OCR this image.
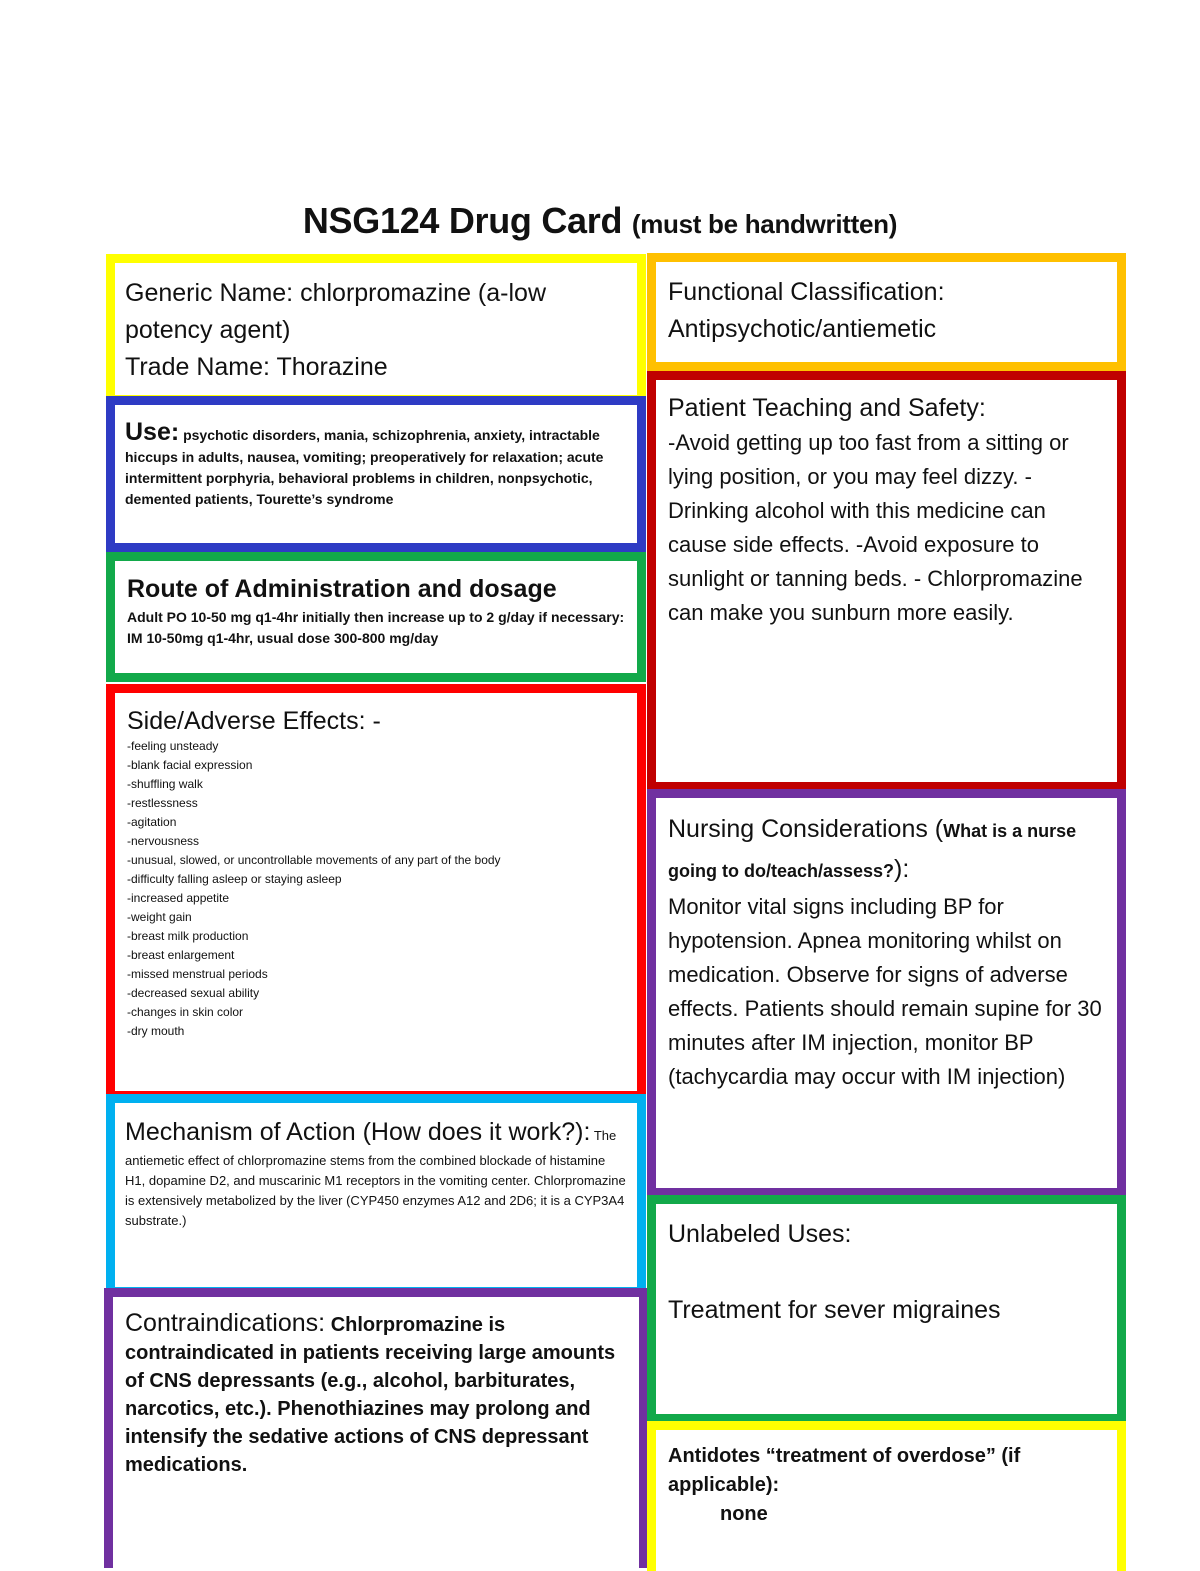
NSG124 Drug Card (must be handwritten)
Generic Name: chlorpromazine (a-low potency agent)
Trade Name: Thorazine
Use: psychotic disorders, mania, schizophrenia, anxiety, intractable hiccups in adults, nausea, vomiting; preoperatively for relaxation; acute intermittent porphyria, behavioral problems in children, nonpsychotic, demented patients, Tourette’s syndrome
Route of Administration and dosage
Adult PO 10-50 mg q1-4hr initially then increase up to 2 g/day if necessary: IM 10-50mg q1-4hr, usual dose 300-800 mg/day
Side/Adverse Effects: -
-feeling unsteady
-blank facial expression
-shuffling walk
-restlessness
-agitation
-nervousness
-unusual, slowed, or uncontrollable movements of any part of the body
-difficulty falling asleep or staying asleep
-increased appetite
-weight gain
-breast milk production
-breast enlargement
-missed menstrual periods
-decreased sexual ability
-changes in skin color
-dry mouth
Mechanism of Action (How does it work?): The antiemetic effect of chlorpromazine stems from the combined blockade of histamine H1, dopamine D2, and muscarinic M1 receptors in the vomiting center. Chlorpromazine is extensively metabolized by the liver (CYP450 enzymes A12 and 2D6; it is a CYP3A4 substrate.)
Contraindications: Chlorpromazine is contraindicated in patients receiving large amounts of CNS depressants (e.g., alcohol, barbiturates, narcotics, etc.). Phenothiazines may prolong and intensify the sedative actions of CNS depressant medications.
Functional Classification:
Antipsychotic/antiemetic
Patient Teaching and Safety:
-Avoid getting up too fast from a sitting or lying position, or you may feel dizzy. -Drinking alcohol with this medicine can cause side effects. -Avoid exposure to sunlight or tanning beds. - Chlorpromazine can make you sunburn more easily.
Nursing Considerations (What is a nurse going to do/teach/assess?):
Monitor vital signs including BP for hypotension. Apnea monitoring whilst on medication. Observe for signs of adverse effects. Patients should remain supine for 30 minutes after IM injection, monitor BP (tachycardia may occur with IM injection)
Unlabeled Uses:
Treatment for sever migraines
Antidotes “treatment of overdose” (if applicable):
none
